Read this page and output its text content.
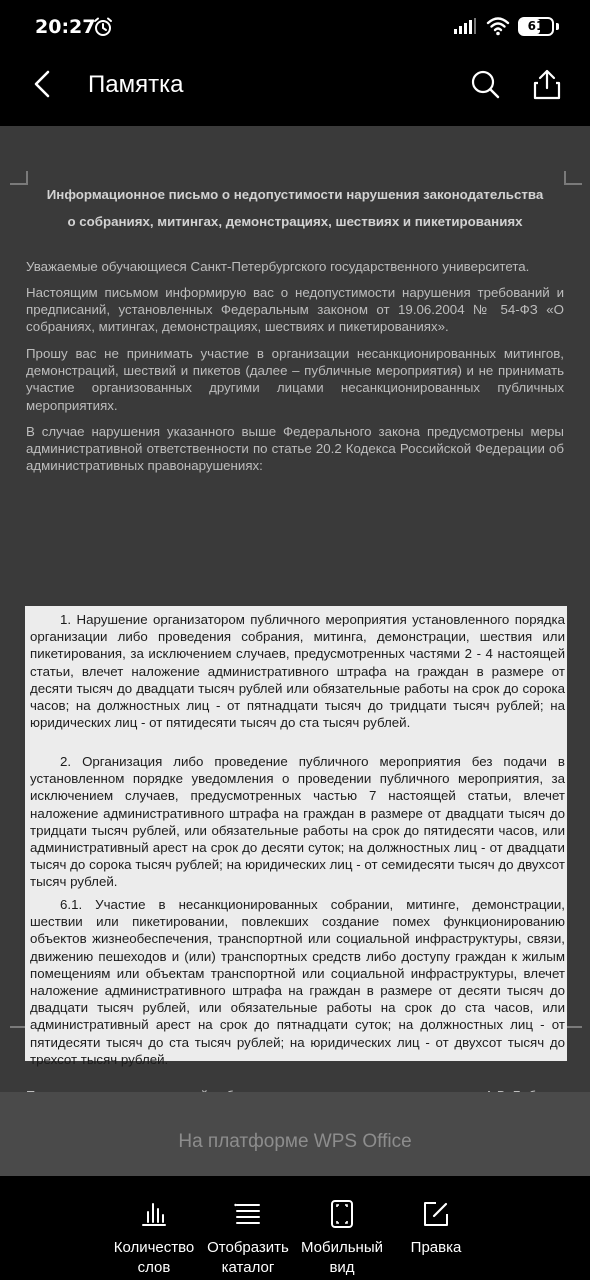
20:27	61
Памятка
Информационное письмо о недопустимости нарушения законодательства
о собраниях, митингах, демонстрациях, шествиях и пикетированиях

Уважаемые обучающиеся Санкт-Петербургского государственного университета.

Настоящим письмом информирую вас о недопустимости нарушения требований и предписаний, установленных Федеральным законом от 19.06.2004 № 54-ФЗ «О собраниях, митингах, демонстрациях, шествиях и пикетированиях».

Прошу вас не принимать участие в организации несанкционированных митингов, демонстраций, шествий и пикетов (далее – публичные мероприятия) и не принимать участие организованных другими лицами несанкционированных публичных мероприятиях.

В случае нарушения указанного выше Федерального закона предусмотрены меры административной ответственности по статье 20.2 Кодекса Российской Федерации об административных правонарушениях:

1. Нарушение организатором публичного мероприятия установленного порядка организации либо проведения собрания, митинга, демонстрации, шествия или пикетирования, за исключением случаев, предусмотренных частями 2 - 4 настоящей статьи, влечет наложение административного штрафа на граждан в размере от десяти тысяч до двадцати тысяч рублей или обязательные работы на срок до сорока часов; на должностных лиц - от пятнадцати тысяч до тридцати тысяч рублей; на юридических лиц - от пятидесяти тысяч до ста тысяч рублей.

2. Организация либо проведение публичного мероприятия без подачи в установленном порядке уведомления о проведении публичного мероприятия, за исключением случаев, предусмотренных частью 7 настоящей статьи, влечет наложение административного штрафа на граждан в размере от двадцати тысяч до тридцати тысяч рублей, или обязательные работы на срок до пятидесяти часов, или административный арест на срок до десяти суток; на должностных лиц - от двадцати тысяч до сорока тысяч рублей; на юридических лиц - от семидесяти тысяч до двухсот тысяч рублей.

6.1. Участие в несанкционированных собрании, митинге, демонстрации, шествии или пикетировании, повлекших создание помех функционированию объектов жизнеобеспечения, транспортной или социальной инфраструктуры, связи, движению пешеходов и (или) транспортных средств либо доступу граждан к жилым помещениям или объектам транспортной или социальной инфраструктуры, влечет наложение административного штрафа на граждан в размере от десяти тысяч до двадцати тысяч рублей, или обязательные работы на срок до ста часов, или административный арест на срок до пятнадцати суток; на должностных лиц - от пятидесяти тысяч до ста тысяч рублей; на юридических лиц - от двухсот тысяч до трехсот тысяч рублей.

На платформе WPS Office
Количество слов
Отобразить каталог
Мобильный вид
Правка
